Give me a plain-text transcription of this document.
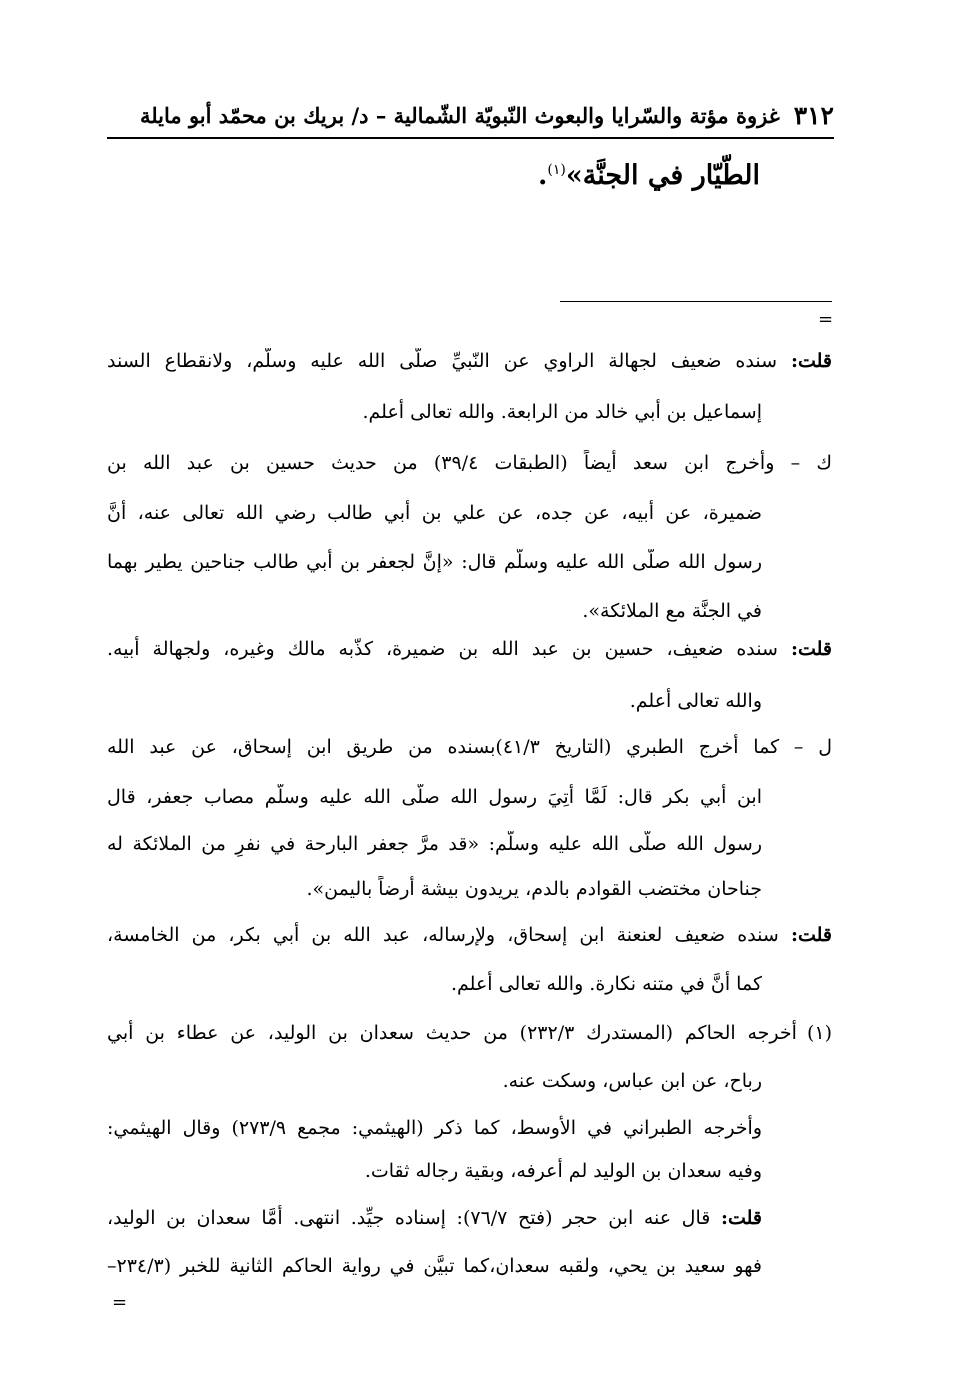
٣١٢
غزوة مؤتة والسّرايا والبعوث النّبويّة الشّمالية – د/ بريك بن محمّد أبو مايلة
الطّيّار في الجنَّة»$^{(١)}$.
=
قلت: سنده ضعيف لجهالة الراوي عن النّبيِّ صلّى الله عليه وسلّم، ولانقطاع السند
إسماعيل بن أبي خالد من الرابعة. والله تعالى أعلم.
ك – وأخرج ابن سعد أيضاً (الطبقات ٣٩/٤) من حديث حسين بن عبد الله بن
ضميرة، عن أبيه، عن جده، عن علي بن أبي طالب رضي الله تعالى عنه، أنَّ
رسول الله صلّى الله عليه وسلّم قال: «إنَّ لجعفر بن أبي طالب جناحين يطير بهما
في الجنَّة مع الملائكة».
قلت: سنده ضعيف، حسين بن عبد الله بن ضميرة، كذّبه مالك وغيره، ولجهالة أبيه.
والله تعالى أعلم.
ل – كما أخرج الطبري (التاريخ ٤١/٣)بسنده من طريق ابن إسحاق، عن عبد الله
ابن أبي بكر قال: لَمَّا أُتِيَ رسول الله صلّى الله عليه وسلّم مصاب جعفر، قال
رسول الله صلّى الله عليه وسلّم: «قد مرَّ جعفر البارحة في نفرٍ من الملائكة له
جناحان مختضب القوادم بالدم، يريدون بيشة أرضاً باليمن».
قلت: سنده ضعيف لعنعنة ابن إسحاق، ولإرساله، عبد الله بن أبي بكر، من الخامسة،
كما أنَّ في متنه نكارة. والله تعالى أعلم.
(١)أخرجه الحاكم (المستدرك ٢٣٢/٣) من حديث سعدان بن الوليد، عن عطاء بن أبي
رباح، عن ابن عباس، وسكت عنه.
وأخرجه الطبراني في الأوسط، كما ذكر (الهيثمي: مجمع ٢٧٣/٩) وقال الهيثمي:
وفيه سعدان بن الوليد لم أعرفه، وبقية رجاله ثقات.
قلت: قال عنه ابن حجر (فتح ٧٦/٧): إسناده جيِّد. انتهى. أمَّا سعدان بن الوليد،
فهو سعيد بن يحي، ولقبه سعدان،كما تبيَّن في رواية الحاكم الثانية للخبر (٢٣٤/٣–
=
